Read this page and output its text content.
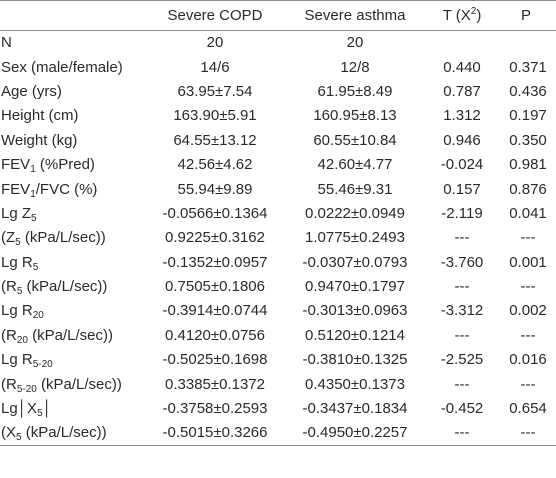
	Severe COPD	Severe asthma	T $(X^2)$	P
N	20	20		
Sex (male/female)	14/6	12/8	0.440	0.371
Age (yrs)	63.95±7.54	61.95±8.49	0.787	0.436
Height (cm)	163.90±5.91	160.95±8.13	1.312	0.197
Weight (kg)	64.55±13.12	60.55±10.84	0.946	0.350
$FEV_1$ (%Pred)	42.56±4.62	42.60±4.77	-0.024	0.981
$FEV_1$/FVC (%)	55.94±9.89	55.46±9.31	0.157	0.876
Lg $Z_5$	-0.0566±0.1364	0.0222±0.0949	-2.119	0.041
($Z_5$ (kPa/L/sec))	0.9225±0.3162	1.0775±0.2493	---	---
Lg $R_5$	-0.1352±0.0957	-0.0307±0.0793	-3.760	0.001
($R_5$ (kPa/L/sec))	0.7505±0.1806	0.9470±0.1797	---	---
Lg $R_{20}$	-0.3914±0.0744	-0.3013±0.0963	-3.312	0.002
($R_{20}$ (kPa/L/sec))	0.4120±0.0756	0.5120±0.1214	---	---
Lg $R_{5-20}$	-0.5025±0.1698	-0.3810±0.1325	-2.525	0.016
($R_{5-20}$ (kPa/L/sec))	0.3385±0.1372	0.4350±0.1373	---	---
$Lg│X_5│$	-0.3758±0.2593	-0.3437±0.1834	-0.452	0.654
($X_5$ (kPa/L/sec))	-0.5015±0.3266	-0.4950±0.2257	---	---
